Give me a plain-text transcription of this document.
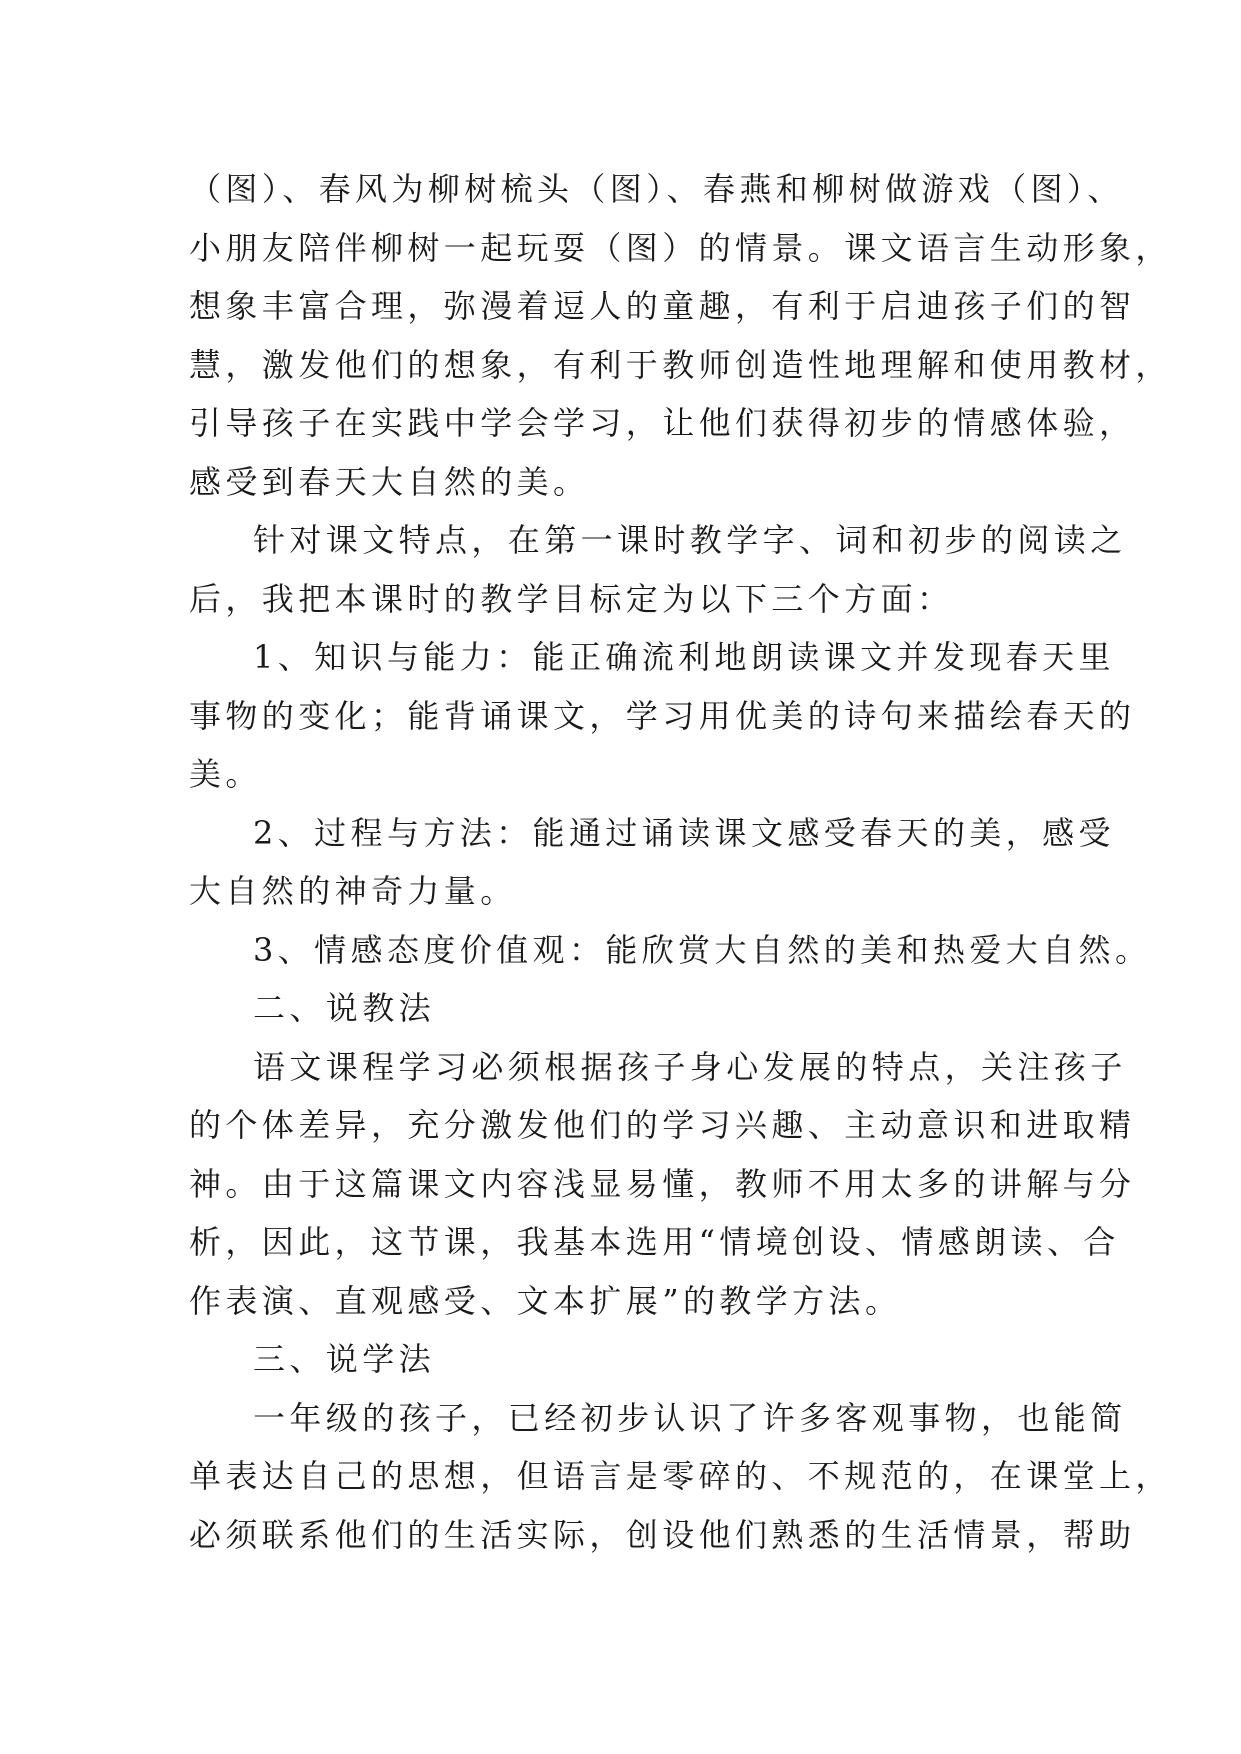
（图）、春风为柳树梳头（图）、春燕和柳树做游戏（图）、
小朋友陪伴柳树一起玩耍（图）的情景。课文语言生动形象，
想象丰富合理，弥漫着逗人的童趣，有利于启迪孩子们的智
慧，激发他们的想象，有利于教师创造性地理解和使用教材，
引导孩子在实践中学会学习，让他们获得初步的情感体验，
感受到春天大自然的美。
针对课文特点，在第一课时教学字、词和初步的阅读之
后，我把本课时的教学目标定为以下三个方面：
1、知识与能力：能正确流利地朗读课文并发现春天里
事物的变化；能背诵课文，学习用优美的诗句来描绘春天的
美。
2、过程与方法：能通过诵读课文感受春天的美，感受
大自然的神奇力量。
3、情感态度价值观：能欣赏大自然的美和热爱大自然。
二、说教法
语文课程学习必须根据孩子身心发展的特点，关注孩子
的个体差异，充分激发他们的学习兴趣、主动意识和进取精
神。由于这篇课文内容浅显易懂，教师不用太多的讲解与分
析，因此，这节课，我基本选用“情境创设、情感朗读、合
作表演、直观感受、文本扩展”的教学方法。
三、说学法
一年级的孩子，已经初步认识了许多客观事物，也能简
单表达自己的思想，但语言是零碎的、不规范的，在课堂上，
必须联系他们的生活实际，创设他们熟悉的生活情景，帮助
